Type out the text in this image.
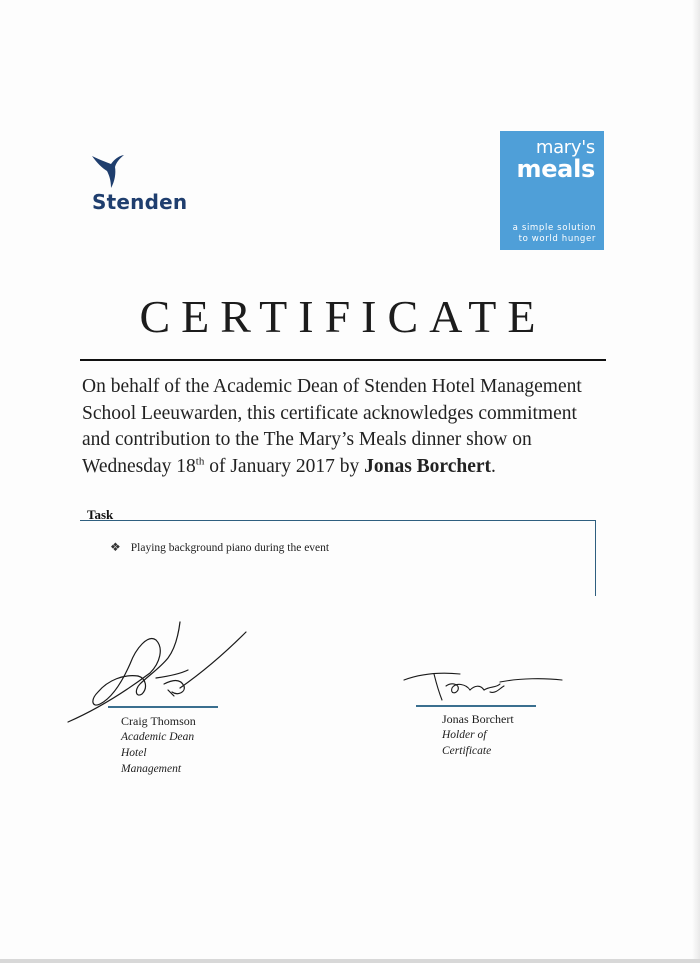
Stenden
mary's
meals
a simple solution
to world hunger
CERTIFICATE
On behalf of the Academic Dean of Stenden Hotel Management
School Leeuwarden, this certificate acknowledges commitment
and contribution to the The Mary’s Meals dinner show on
Wednesday 18th of January 2017 by Jonas Borchert.
Task
❖ Playing background piano during the event
Craig Thomson
Academic Dean
Hotel
Management
Jonas Borchert
Holder of
Certificate
